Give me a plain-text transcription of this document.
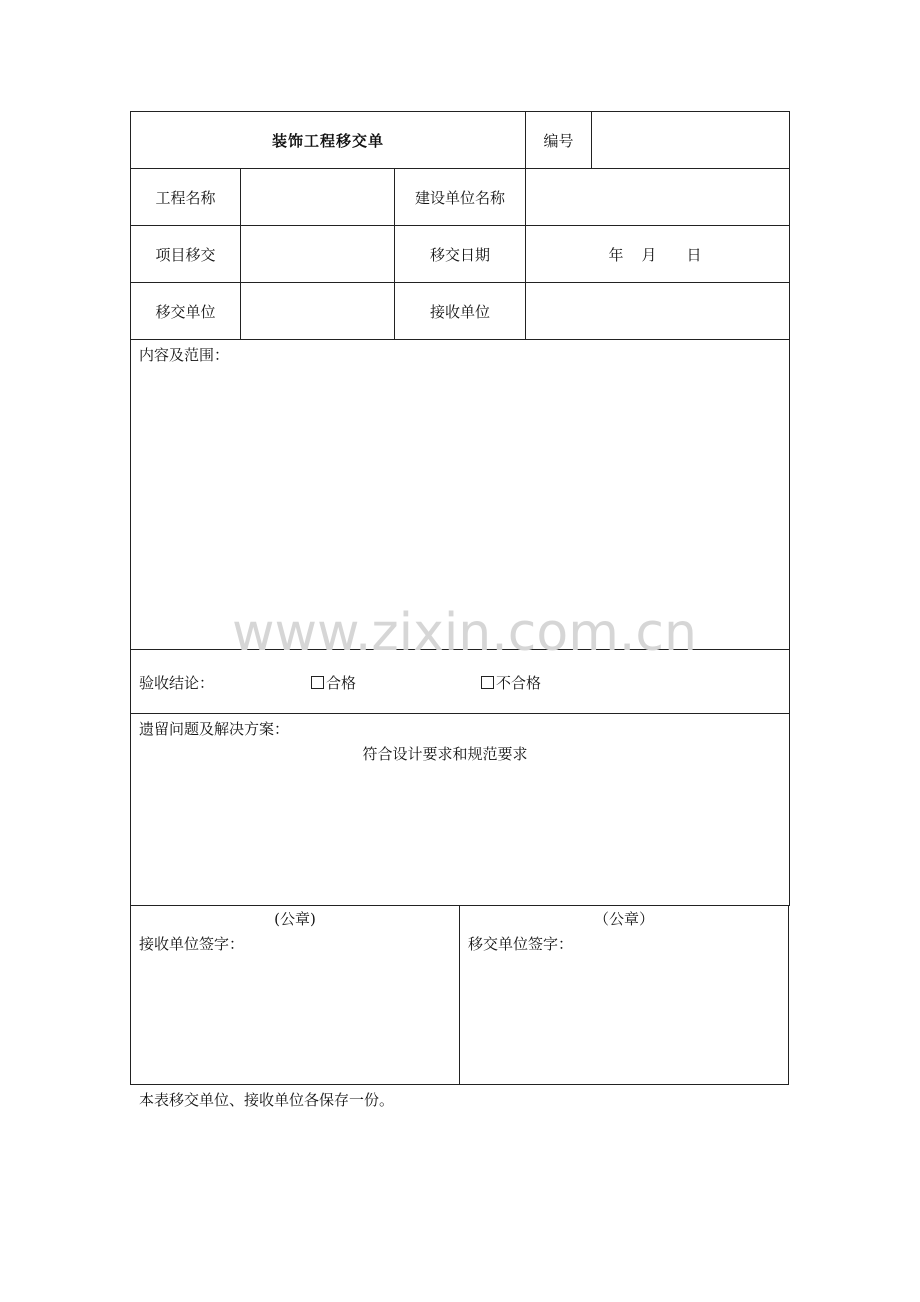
装饰工程移交单			编号	
工程名称		建设单位名称		
项目移交		移交日期	年 月 日	
移交单位		接收单位		

内容及范围：				

验收结论： 合格 不合格				

遗留问题及解决方案：
符合设计要求和规范要求				
(公章)
接收单位签字：

（公章）
移交单位签字：
本表移交单位、接收单位各保存一份。
www.zixin.com.cn
